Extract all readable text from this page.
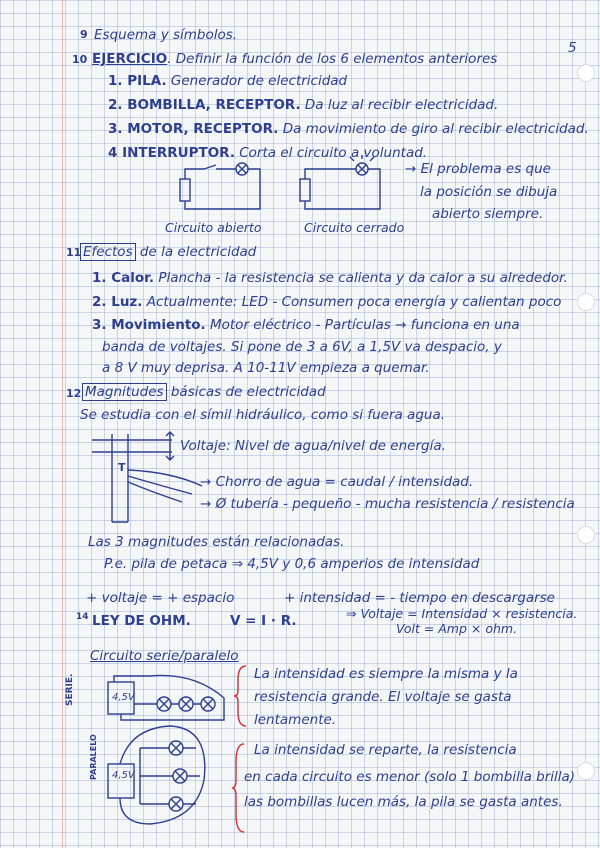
9 Esquema y símbolos.
10 EJERCICIO. Definir la función de los 6 elementos anteriores
5
1. PILA. Generador de electricidad
2. BOMBILLA, RECEPTOR. Da luz al recibir electricidad.
3. MOTOR, RECEPTOR. Da movimiento de giro al recibir electricidad.
4 INTERRUPTOR. Corta el circuito a voluntad.
→ El problema es que
la posición se dibuja
abierto siempre.
Circuito abierto	Circuito cerrado
11 Efectos de la electricidad
1. Calor. Plancha - la resistencia se calienta y da calor a su alrededor.
2. Luz. Actualmente: LED - Consumen poca energía y calientan poco
3. Movimiento. Motor eléctrico - Partículas → funciona en una
banda de voltajes. Si pone de 3 a 6V, a 1,5V va despacio, y
a 8 V muy deprisa. A 10-11V empieza a quemar.
12 Magnitudes básicas de electricidad
Se estudia con el símil hidráulico, como si fuera agua.
T
Voltaje: Nivel de agua/nivel de energía.
→ Chorro de agua = caudal / intensidad.
→ Ø tubería - pequeño - mucha resistencia / resistencia
Las 3 magnitudes están relacionadas.
P.e. pila de petaca ⇒ 4,5V y 0,6 amperios de intensidad
+ voltaje = + espacio	+ intensidad = - tiempo en descargarse
14 LEY DE OHM.	V = I · R.	⇒ Voltaje = Intensidad × resistencia.
Volt = Amp × ohm.
Circuito serie/paralelo
SERIE.	4,5V
La intensidad es siempre la misma y la
resistencia grande. El voltaje se gasta
lentamente.
PARALELO	4,5V
La intensidad se reparte, la resistencia
en cada circuito es menor (solo 1 bombilla brilla)
las bombillas lucen más, la pila se gasta antes.
